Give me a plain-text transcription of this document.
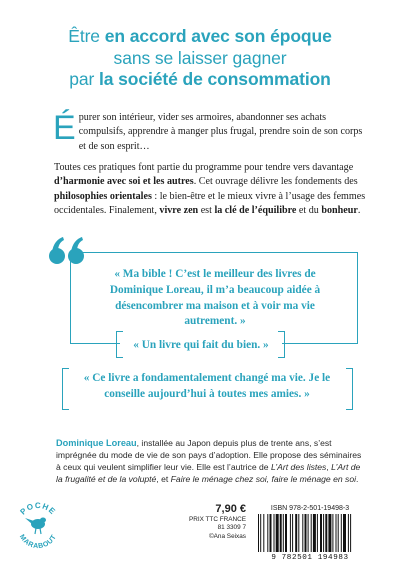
Être en accord avec son époque
sans se laisser gagner
par la société de consommation
Épurer son intérieur, vider ses armoires, abandonner ses achats compulsifs, apprendre à manger plus frugal, prendre soin de son corps et de son esprit…
Toutes ces pratiques font partie du programme pour tendre vers davantage d’harmonie avec soi et les autres. Cet ouvrage délivre les fondements des philosophies orientales : le bien-être et le mieux vivre à l’usage des femmes occidentales. Finalement, vivre zen est la clé de l’équilibre et du bonheur.
« Ma bible ! C’est le meilleur des livres de Dominique Loreau, il m’a beaucoup aidée à désencombrer ma maison et à voir ma vie autrement. »
« Un livre qui fait du bien. »
« Ce livre a fondamentalement changé ma vie. Je le conseille aujourd’hui à toutes mes amies. »
Dominique Loreau, installée au Japon depuis plus de trente ans, s’est imprégnée du mode de vie de son pays d’adoption. Elle propose des séminaires à ceux qui veulent simplifier leur vie. Elle est l’autrice de L’Art des listes, L’Art de la frugalité et de la volupté, et Faire le ménage chez soi, faire le ménage en soi.
POCHE
MARABOUT
7,90 €
PRIX TTC FRANCE
81 3309 7
©Ana Seixas
ISBN 978-2-501-19498-3
9 782501 194983
